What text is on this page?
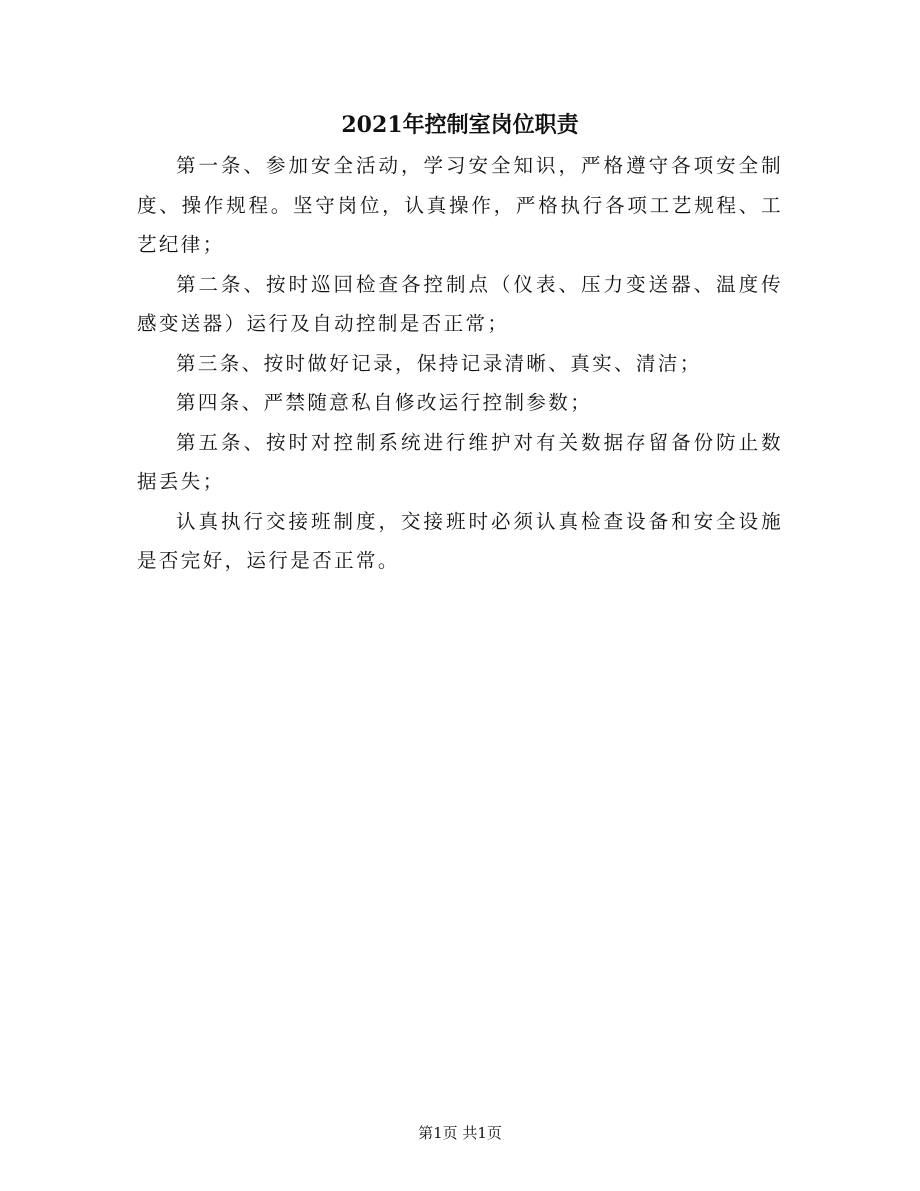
2021年控制室岗位职责

第一条、参加安全活动，学习安全知识，严格遵守各项安全制度、操作规程。坚守岗位，认真操作，严格执行各项工艺规程、工艺纪律；

第二条、按时巡回检查各控制点（仪表、压力变送器、温度传感变送器）运行及自动控制是否正常；

第三条、按时做好记录，保持记录清晰、真实、清洁；

第四条、严禁随意私自修改运行控制参数；

第五条、按时对控制系统进行维护对有关数据存留备份防止数据丢失；

认真执行交接班制度，交接班时必须认真检查设备和安全设施是否完好，运行是否正常。

第1页 共1页
